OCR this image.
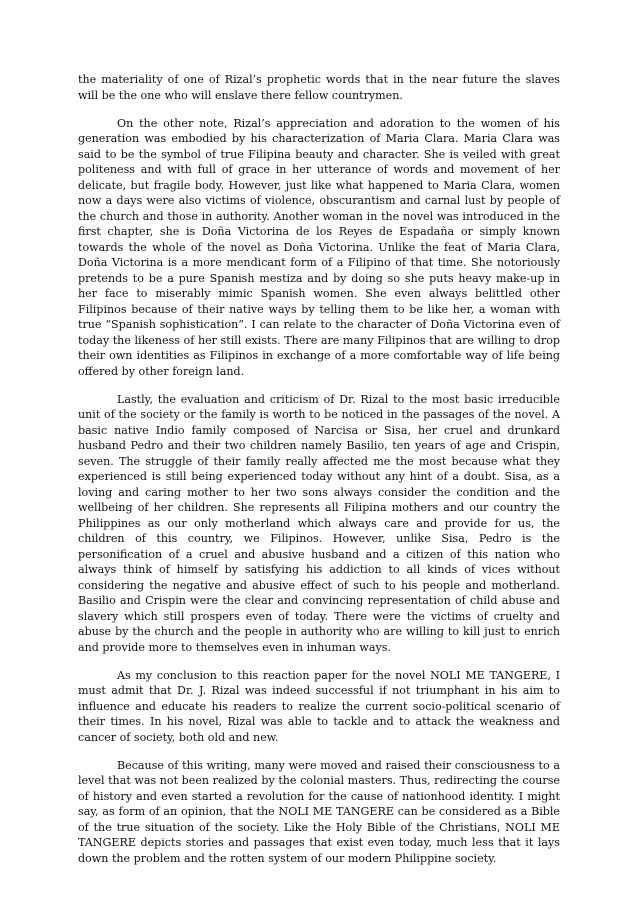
the materiality of one of Rizal’s prophetic words that in the near future the slaves will be the one who will enslave there fellow countrymen.

On the other note, Rizal’s appreciation and adoration to the women of his generation was embodied by his characterization of Maria Clara. Maria Clara was said to be the symbol of true Filipina beauty and character. She is veiled with great politeness and with full of grace in her utterance of words and movement of her delicate, but fragile body. However, just like what happened to Maria Clara, women now a days were also victims of violence, obscurantism and carnal lust by people of the church and those in authority. Another woman in the novel was introduced in the first chapter, she is Doña Victorina de los Reyes de Espadaña or simply known towards the whole of the novel as Doña Victorina. Unlike the feat of Maria Clara, Doña Victorina is a more mendicant form of a Filipino of that time. She notoriously pretends to be a pure Spanish mestiza and by doing so she puts heavy make-up in her face to miserably mimic Spanish women. She even always belittled other Filipinos because of their native ways by telling them to be like her, a woman with true “Spanish sophistication”. I can relate to the character of Doña Victorina even of today the likeness of her still exists. There are many Filipinos that are willing to drop their own identities as Filipinos in exchange of a more comfortable way of life being offered by other foreign land.

Lastly, the evaluation and criticism of Dr. Rizal to the most basic irreducible unit of the society or the family is worth to be noticed in the passages of the novel. A basic native Indio family composed of Narcisa or Sisa, her cruel and drunkard husband Pedro and their two children namely Basilio, ten years of age and Crispin, seven. The struggle of their family really affected me the most because what they experienced is still being experienced today without any hint of a doubt. Sisa, as a loving and caring mother to her two sons always consider the condition and the wellbeing of her children. She represents all Filipina mothers and our country the Philippines as our only motherland which always care and provide for us, the children of this country, we Filipinos. However, unlike Sisa, Pedro is the personification of a cruel and abusive husband and a citizen of this nation who always think of himself by satisfying his addiction to all kinds of vices without considering the negative and abusive effect of such to his people and motherland. Basilio and Crispin were the clear and convincing representation of child abuse and slavery which still prospers even of today. There were the victims of cruelty and abuse by the church and the people in authority who are willing to kill just to enrich and provide more to themselves even in inhuman ways.

As my conclusion to this reaction paper for the novel NOLI ME TANGERE, I must admit that Dr. J. Rizal was indeed successful if not triumphant in his aim to influence and educate his readers to realize the current socio-political scenario of their times. In his novel, Rizal was able to tackle and to attack the weakness and cancer of society, both old and new.

Because of this writing, many were moved and raised their consciousness to a level that was not been realized by the colonial masters. Thus, redirecting the course of history and even started a revolution for the cause of nationhood identity. I might say, as form of an opinion, that the NOLI ME TANGERE can be considered as a Bible of the true situation of the society. Like the Holy Bible of the Christians, NOLI ME TANGERE depicts stories and passages that exist even today, much less that it lays down the problem and the rotten system of our modern Philippine society.
